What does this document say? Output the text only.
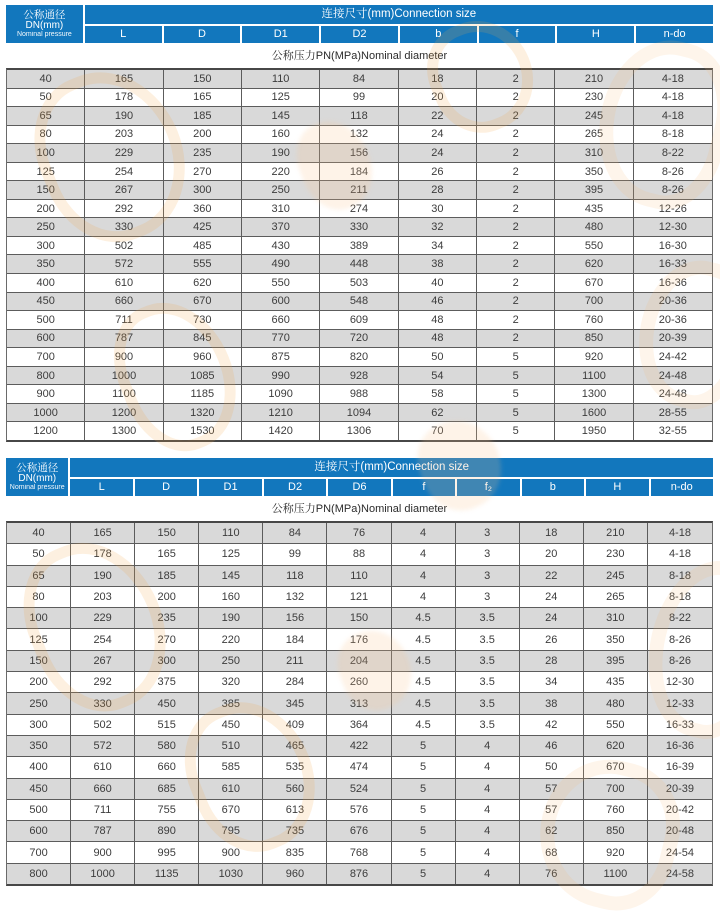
公称通径
DN(mm)
Nominal pressure
连接尺寸(mm)Connection size
L	D	D1	D2	b	f	H	n-do
公称压力PN(MPa)Nominal diameter
40	165	150	110	84	18	2	210	4-18
50	178	165	125	99	20	2	230	4-18
65	190	185	145	118	22	2	245	4-18
80	203	200	160	132	24	2	265	8-18
100	229	235	190	156	24	2	310	8-22
125	254	270	220	184	26	2	350	8-26
150	267	300	250	211	28	2	395	8-26
200	292	360	310	274	30	2	435	12-26
250	330	425	370	330	32	2	480	12-30
300	502	485	430	389	34	2	550	16-30
350	572	555	490	448	38	2	620	16-33
400	610	620	550	503	40	2	670	16-36
450	660	670	600	548	46	2	700	20-36
500	711	730	660	609	48	2	760	20-36
600	787	845	770	720	48	2	850	20-39
700	900	960	875	820	50	5	920	24-42
800	1000	1085	990	928	54	5	1100	24-48
900	1100	1185	1090	988	58	5	1300	24-48
1000	1200	1320	1210	1094	62	5	1600	28-55
1200	1300	1530	1420	1306	70	5	1950	32-55
公称通径
DN(mm)
Nominal pressure
连接尺寸(mm)Connection size
L	D	D1	D2	D6	f	f₂	b	H	n-do
公称压力PN(MPa)Nominal diameter
40	165	150	110	84	76	4	3	18	210	4-18
50	178	165	125	99	88	4	3	20	230	4-18
65	190	185	145	118	110	4	3	22	245	8-18
80	203	200	160	132	121	4	3	24	265	8-18
100	229	235	190	156	150	4.5	3.5	24	310	8-22
125	254	270	220	184	176	4.5	3.5	26	350	8-26
150	267	300	250	211	204	4.5	3.5	28	395	8-26
200	292	375	320	284	260	4.5	3.5	34	435	12-30
250	330	450	385	345	313	4.5	3.5	38	480	12-33
300	502	515	450	409	364	4.5	3.5	42	550	16-33
350	572	580	510	465	422	5	4	46	620	16-36
400	610	660	585	535	474	5	4	50	670	16-39
450	660	685	610	560	524	5	4	57	700	20-39
500	711	755	670	613	576	5	4	57	760	20-42
600	787	890	795	735	676	5	4	62	850	20-48
700	900	995	900	835	768	5	4	68	920	24-54
800	1000	1135	1030	960	876	5	4	76	1100	24-58
